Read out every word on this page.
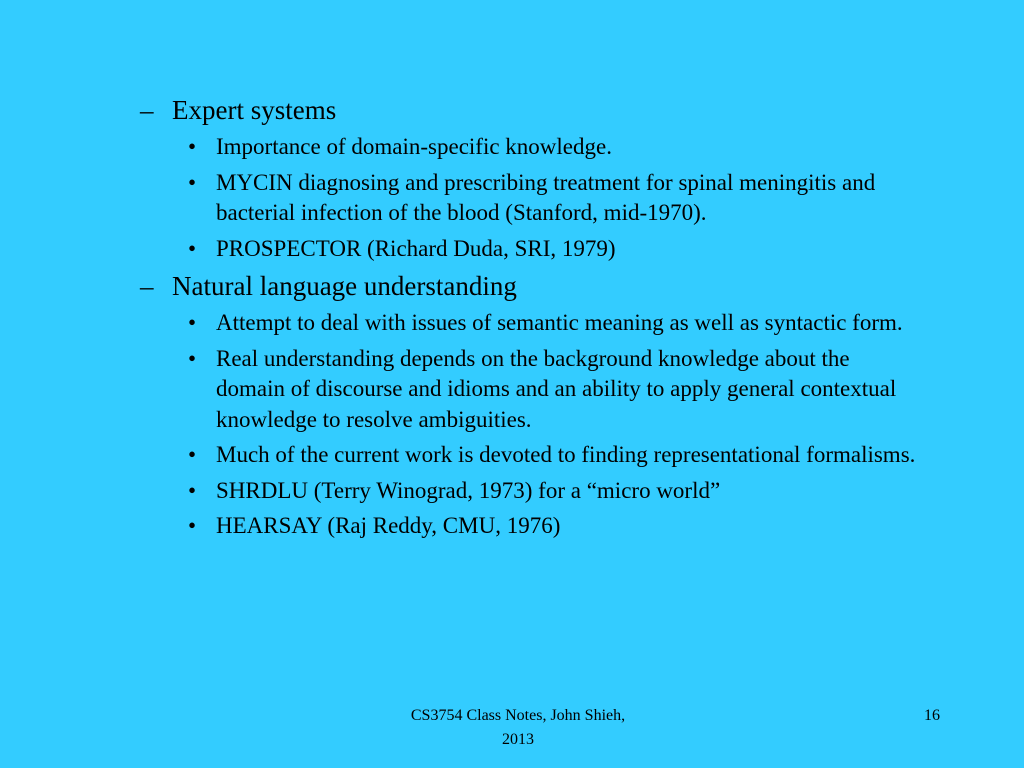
– Expert systems
• Importance of domain-specific knowledge.
• MYCIN diagnosing and prescribing treatment for spinal meningitis and bacterial infection of the blood (Stanford, mid-1970).
• PROSPECTOR (Richard Duda, SRI, 1979)
– Natural language understanding
• Attempt to deal with issues of semantic meaning as well as syntactic form.
• Real understanding depends on the background knowledge about the domain of discourse and idioms and an ability to apply general contextual knowledge to resolve ambiguities.
• Much of the current work is devoted to finding representational formalisms.
• SHRDLU (Terry Winograd, 1973) for a “micro world”
• HEARSAY (Raj Reddy, CMU, 1976)
CS3754 Class Notes, John Shieh,
2013
16
